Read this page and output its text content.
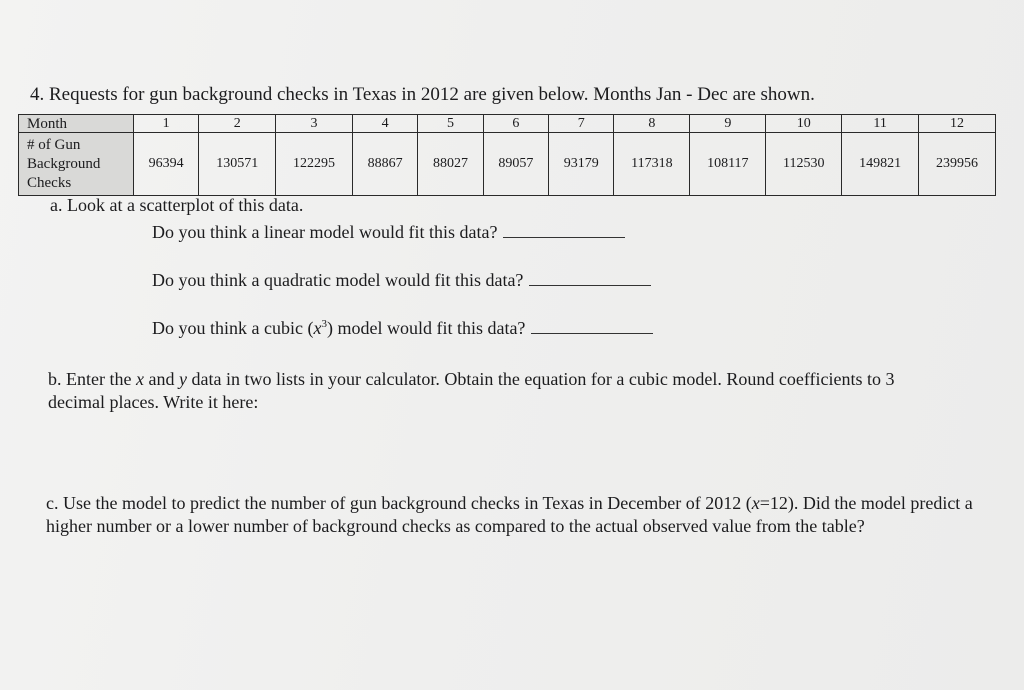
4. Requests for gun background checks in Texas in 2012 are given below. Months Jan - Dec are shown.
Month	1	2	3	4	5	6	7	8	9	10	11	12
# of Gun Background Checks	96394	130571	122295	88867	88027	89057	93179	117318	108117	112530	149821	239956
a. Look at a scatterplot of this data.
Do you think a linear model would fit this data?
Do you think a quadratic model would fit this data?
Do you think a cubic $(x^3)$ model would fit this data?
b. Enter the x and y data in two lists in your calculator. Obtain the equation for a cubic model. Round coefficients to 3 decimal places. Write it here:
c. Use the model to predict the number of gun background checks in Texas in December of 2012 (x=12). Did the model predict a higher number or a lower number of background checks as compared to the actual observed value from the table?
